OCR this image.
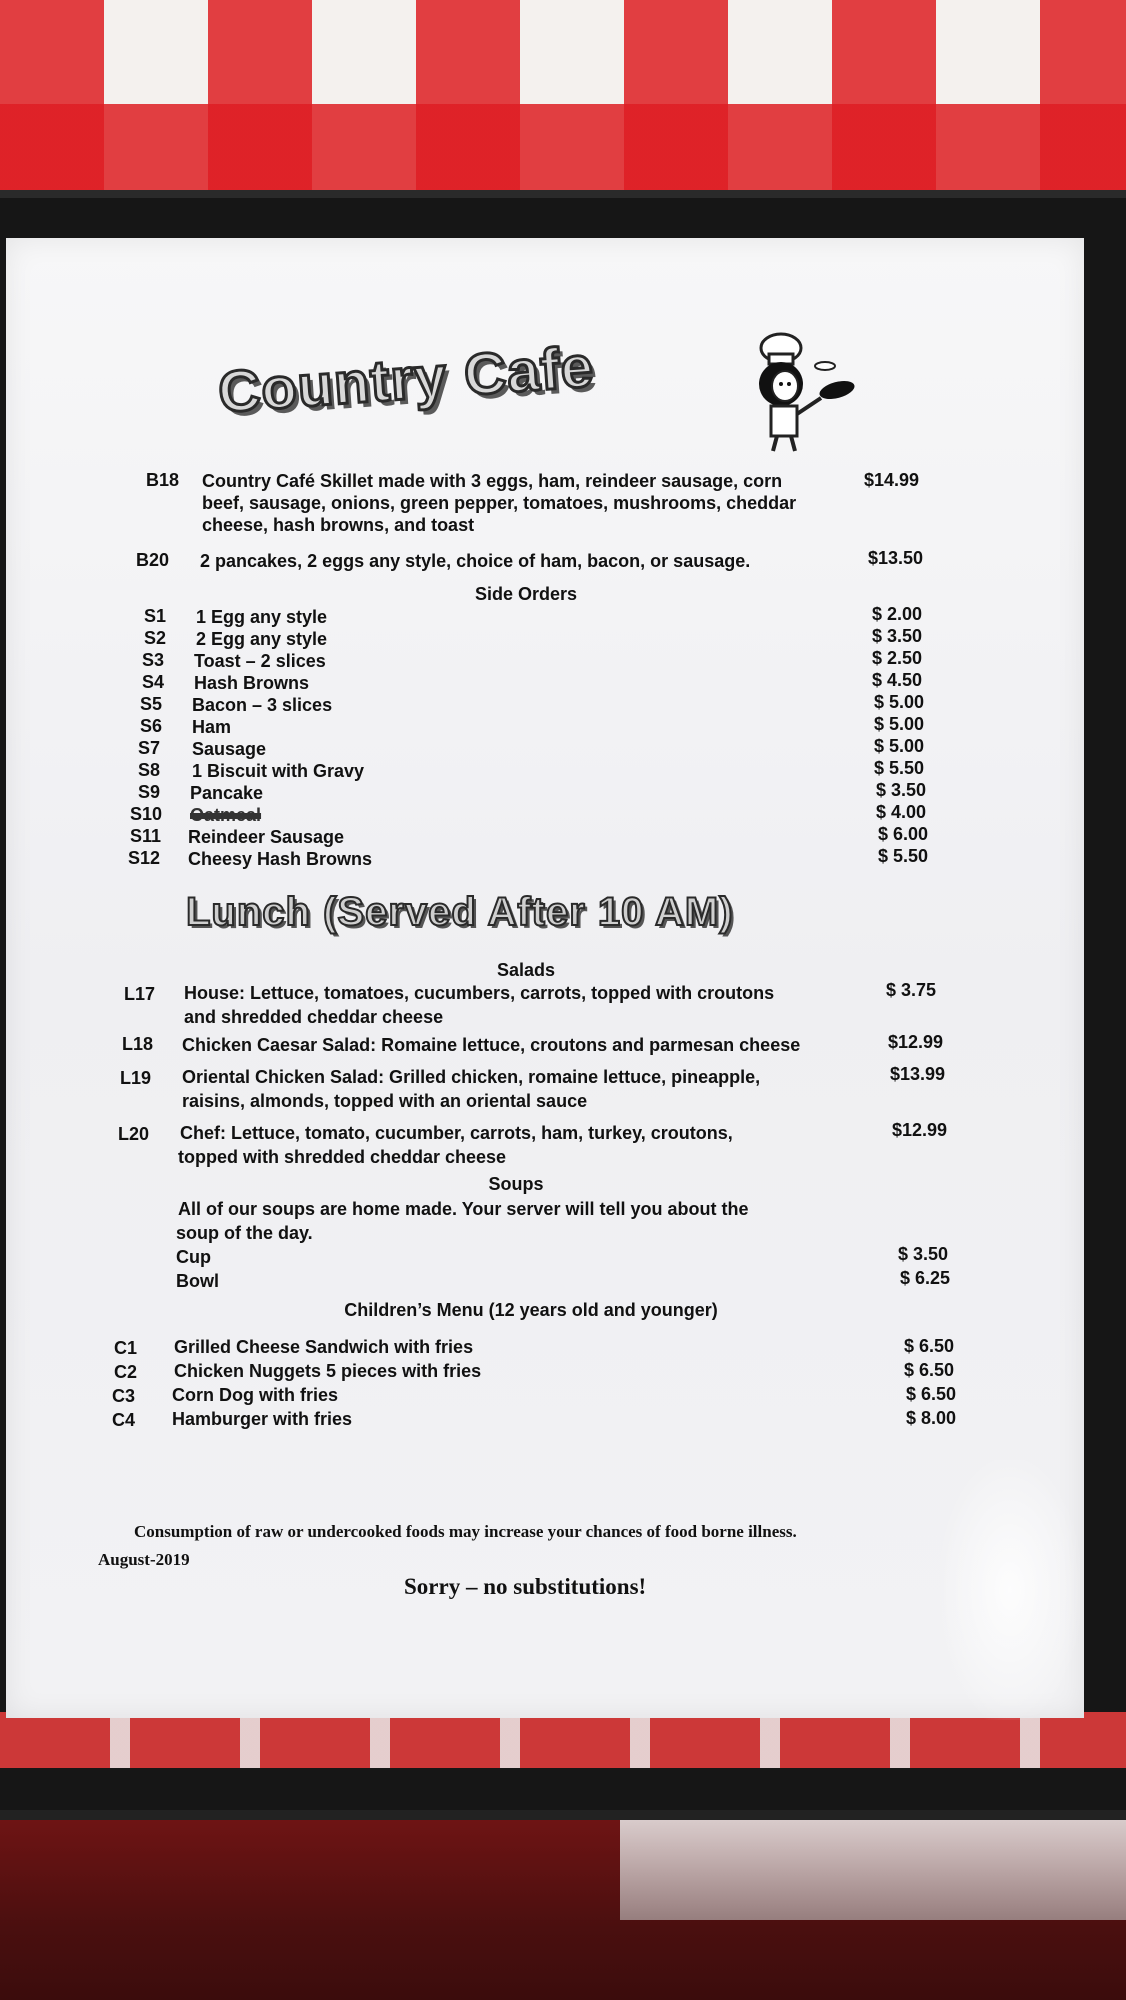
Country Cafe
B18 Country Café Skillet made with 3 eggs, ham, reindeer sausage, corn
beef, sausage, onions, green pepper, tomatoes, mushrooms, cheddar
cheese, hash browns, and toast
$14.99
B20 2 pancakes, 2 eggs any style, choice of ham, bacon, or sausage.	$13.50
Side Orders
S1 1 Egg any style	$ 2.00
S2 2 Egg any style	$ 3.50
S3 Toast – 2 slices	$ 2.50
S4 Hash Browns	$ 4.50
S5 Bacon – 3 slices	$ 5.00
S6 Ham	$ 5.00
S7 Sausage	$ 5.00
S8 1 Biscuit with Gravy	$ 5.50
S9 Pancake	$ 3.50
S10 Oatmeal	$ 4.00
S11 Reindeer Sausage	$ 6.00
S12 Cheesy Hash Browns	$ 5.50
Lunch (Served After 10 AM)
Salads
L17 House: Lettuce, tomatoes, cucumbers, carrots, topped with croutons
and shredded cheddar cheese
$ 3.75
L18 Chicken Caesar Salad: Romaine lettuce, croutons and parmesan cheese	$12.99
L19 Oriental Chicken Salad: Grilled chicken, romaine lettuce, pineapple,
raisins, almonds, topped with an oriental sauce
$13.99
L20 Chef: Lettuce, tomato, cucumber, carrots, ham, turkey, croutons,
topped with shredded cheddar cheese
$12.99
Soups
All of our soups are home made. Your server will tell you about the
soup of the day.
Cup	$ 3.50
Bowl	$ 6.25
Children’s Menu (12 years old and younger)
C1 Grilled Cheese Sandwich with fries	$ 6.50
C2 Chicken Nuggets 5 pieces with fries	$ 6.50
C3 Corn Dog with fries	$ 6.50
C4 Hamburger with fries	$ 8.00
Consumption of raw or undercooked foods may increase your chances of food borne illness.
August-2019
Sorry – no substitutions!
